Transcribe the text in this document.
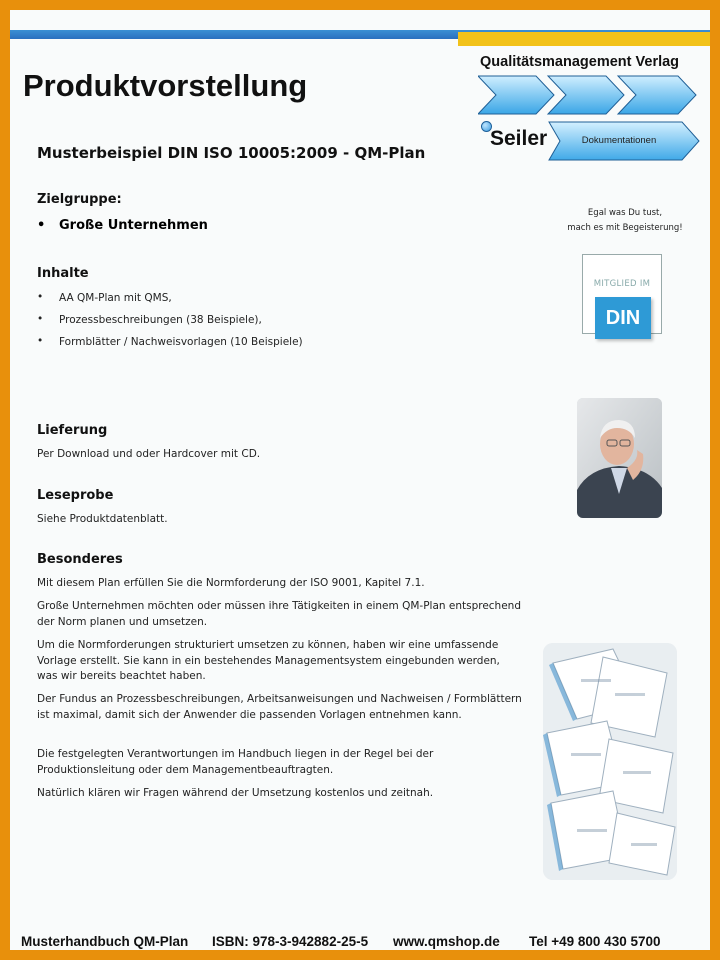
Produktvorstellung
Qualitätsmanagement Verlag
Seiler	Dokumentationen
Musterbeispiel DIN ISO 10005:2009 - QM-Plan
Zielgruppe:
• Große Unternehmen
Inhalte
• AA QM-Plan mit QMS,
• Prozessbeschreibungen (38 Beispiele),
• Formblätter / Nachweisvorlagen (10 Beispiele)
Lieferung
Per Download und oder Hardcover mit CD.
Leseprobe
Siehe Produktdatenblatt.
Besonderes
Mit diesem Plan erfüllen Sie die Normforderung der ISO 9001, Kapitel 7.1.
Große Unternehmen möchten oder müssen ihre Tätigkeiten in einem QM-Plan entsprechend der Norm planen und umsetzen.
Um die Normforderungen strukturiert umsetzen zu können, haben wir eine umfassende Vorlage erstellt. Sie kann in ein bestehendes Managementsystem eingebunden werden, was wir bereits beachtet haben.
Der Fundus an Prozessbeschreibungen, Arbeitsanweisungen und Nachweisen / Formblättern ist maximal, damit sich der Anwender die passenden Vorlagen entnehmen kann.
Die festgelegten Verantwortungen im Handbuch liegen in der Regel bei der Produktionsleitung oder dem Managementbeauftragten.
Natürlich klären wir Fragen während der Umsetzung kostenlos und zeitnah.
Egal was Du tust,
mach es mit Begeisterung!
MITGLIED IM
DIN
Musterhandbuch QM-Plan ISBN: 978-3-942882-25-5 www.qmshop.de Tel +49 800 430 5700
